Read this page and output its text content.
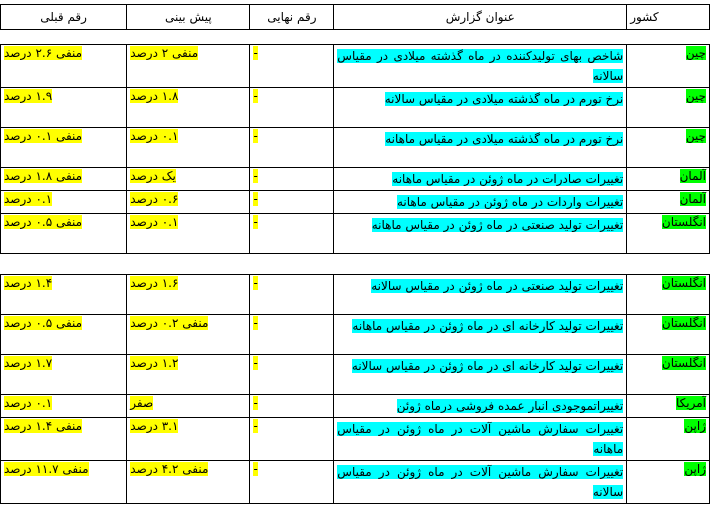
کشور	عنوان گزارش	رقم نهایی	پیش بینی	رقم قبلی

چین	شاخص بهای تولیدکننده در ماه گذشته میلادی در مقیاس سالانه	-	منفی ۲ درصد	منفی ۲.۶ درصد
چین	نرخ تورم در ماه گذشته میلادی در مقیاس سالانه	-	۱.۸ درصد	۱.۹ درصد
چین	نرخ تورم در ماه گذشته میلادی در مقیاس ماهانه	-	۰.۱ درصد	منفی ۰.۱ درصد
آلمان	تغییرات صادرات در ماه ژوئن در مقیاس ماهانه	-	یک درصد	منفی ۱.۸ درصد
آلمان	تغییرات واردات در ماه ژوئن در مقیاس ماهانه	-	۰.۶ درصد	۰.۱ درصد
انگلستان	تغییرات تولید صنعتی در ماه ژوئن در مقیاس ماهانه	-	۰.۱ درصد	منفی ۰.۵ درصد
انگلستان	تغییرات تولید صنعتی در ماه ژوئن در مقیاس سالانه	-	۱.۶ درصد	۱.۴ درصد
انگلستان	تغییرات تولید کارخانه ای در ماه ژوئن در مقیاس ماهانه	-	منفی ۰.۲ درصد	منفی ۰.۵ درصد
انگلستان	تغییرات تولید کارخانه ای در ماه ژوئن در مقیاس سالانه	-	۱.۲ درصد	۱.۷ درصد
آمریکا	تغییراتموجودی انبار عمده فروشی درماه ژوئن	-	صفر	۰.۱ درصد
ژاپن	تغییرات سفارش ماشین آلات در ماه ژوئن در مقیاس ماهانه	-	۳.۱ درصد	منفی ۱.۴ درصد
ژاپن	تغییرات سفارش ماشین آلات در ماه ژوئن در مقیاس سالانه	-	منفی ۴.۲ درصد	منفی ۱۱.۷ درصد
